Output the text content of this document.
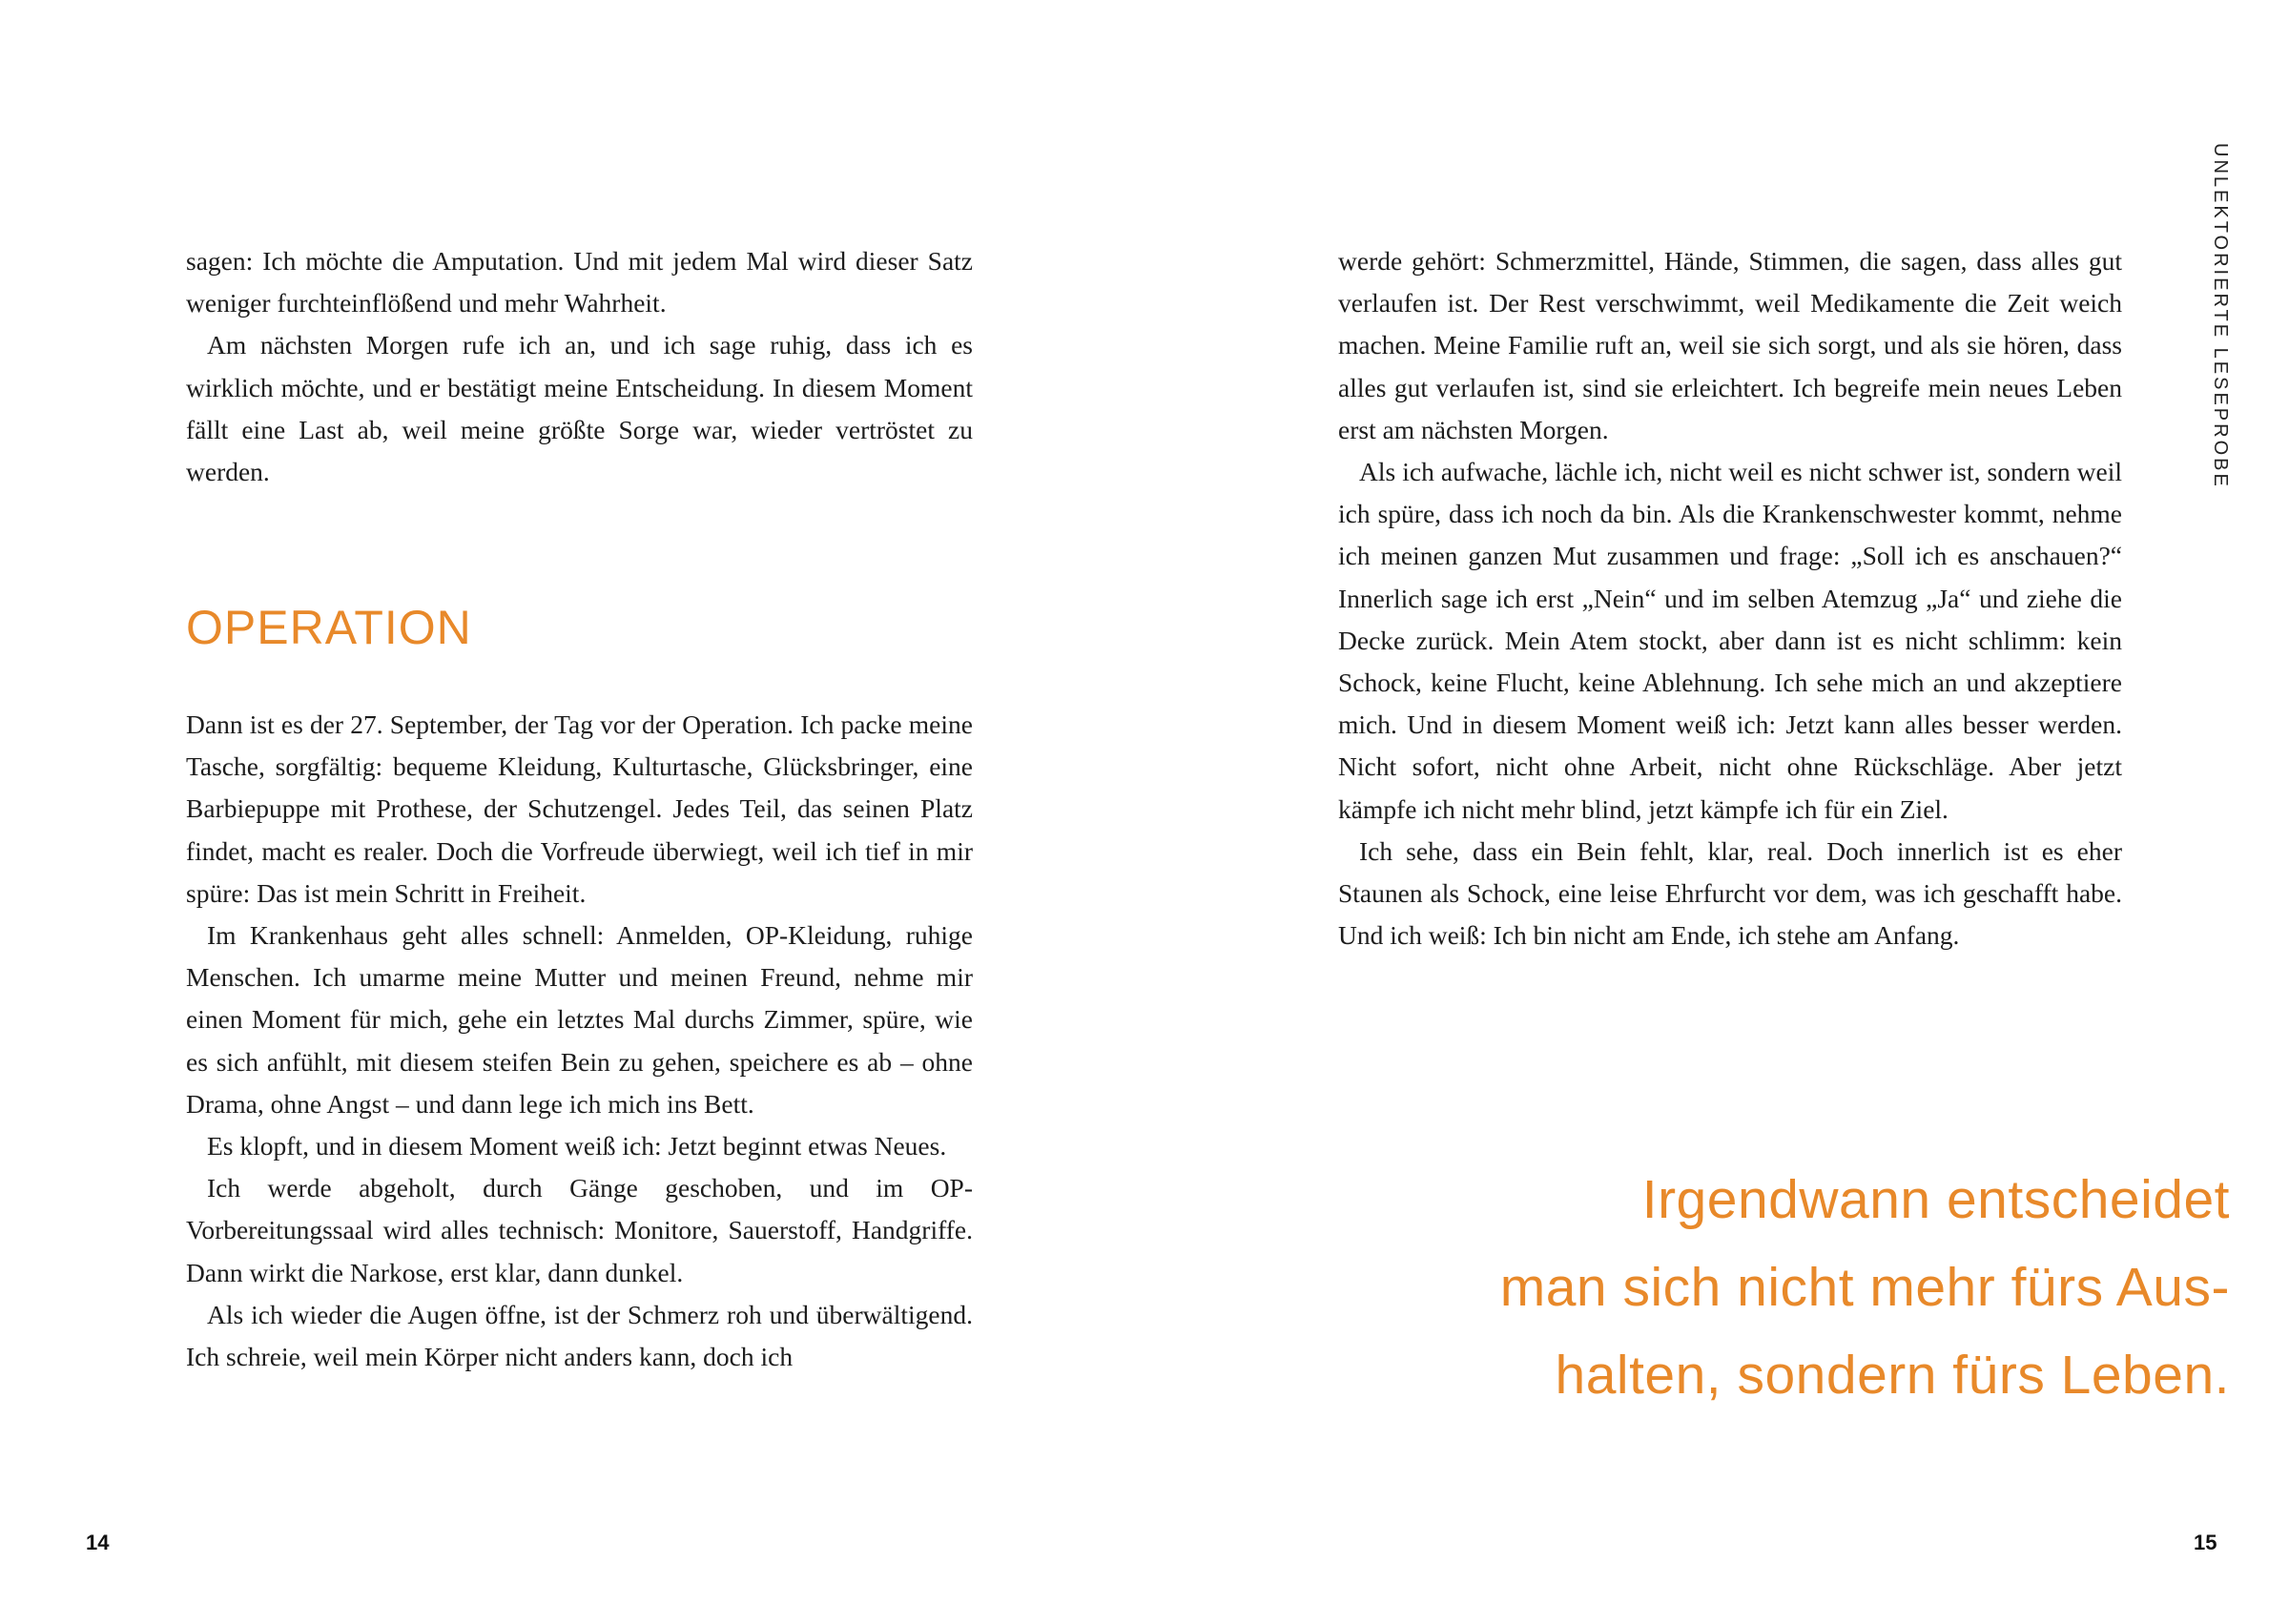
sagen: Ich möchte die Amputation. Und mit jedem Mal wird dieser Satz weniger furchteinflößend und mehr Wahrheit.

Am nächsten Morgen rufe ich an, und ich sage ruhig, dass ich es wirklich möchte, und er bestätigt meine Entscheidung. In diesem Moment fällt eine Last ab, weil meine größte Sorge war, wieder vertröstet zu werden.

OPERATION

Dann ist es der 27. September, der Tag vor der Operation. Ich packe meine Tasche, sorgfältig: bequeme Kleidung, Kulturtasche, Glücksbringer, eine Barbiepuppe mit Prothese, der Schutzengel. Jedes Teil, das seinen Platz findet, macht es realer. Doch die Vorfreude überwiegt, weil ich tief in mir spüre: Das ist mein Schritt in Freiheit.

Im Krankenhaus geht alles schnell: Anmelden, OP-Kleidung, ruhige Menschen. Ich umarme meine Mutter und meinen Freund, nehme mir einen Moment für mich, gehe ein letztes Mal durchs Zimmer, spüre, wie es sich anfühlt, mit diesem steifen Bein zu gehen, speichere es ab – ohne Drama, ohne Angst – und dann lege ich mich ins Bett.

Es klopft, und in diesem Moment weiß ich: Jetzt beginnt etwas Neues.

Ich werde abgeholt, durch Gänge geschoben, und im OP-Vorbereitungssaal wird alles technisch: Monitore, Sauerstoff, Handgriffe. Dann wirkt die Narkose, erst klar, dann dunkel.

Als ich wieder die Augen öffne, ist der Schmerz roh und überwältigend. Ich schreie, weil mein Körper nicht anders kann, doch ich

14

werde gehört: Schmerzmittel, Hände, Stimmen, die sagen, dass alles gut verlaufen ist. Der Rest verschwimmt, weil Medikamente die Zeit weich machen. Meine Familie ruft an, weil sie sich sorgt, und als sie hören, dass alles gut verlaufen ist, sind sie erleichtert. Ich begreife mein neues Leben erst am nächsten Morgen.

Als ich aufwache, lächle ich, nicht weil es nicht schwer ist, sondern weil ich spüre, dass ich noch da bin. Als die Krankenschwester kommt, nehme ich meinen ganzen Mut zusammen und frage: „Soll ich es anschauen?“ Innerlich sage ich erst „Nein“ und im selben Atemzug „Ja“ und ziehe die Decke zurück. Mein Atem stockt, aber dann ist es nicht schlimm: kein Schock, keine Flucht, keine Ablehnung. Ich sehe mich an und akzeptiere mich. Und in diesem Moment weiß ich: Jetzt kann alles besser werden. Nicht sofort, nicht ohne Arbeit, nicht ohne Rückschläge. Aber jetzt kämpfe ich nicht mehr blind, jetzt kämpfe ich für ein Ziel.

Ich sehe, dass ein Bein fehlt, klar, real. Doch innerlich ist es eher Staunen als Schock, eine leise Ehrfurcht vor dem, was ich geschafft habe. Und ich weiß: Ich bin nicht am Ende, ich stehe am Anfang.

Irgendwann entscheidet
man sich nicht mehr fürs Aus-
halten, sondern fürs Leben.
UNLEKTORIERTE LESEPROBE
15
